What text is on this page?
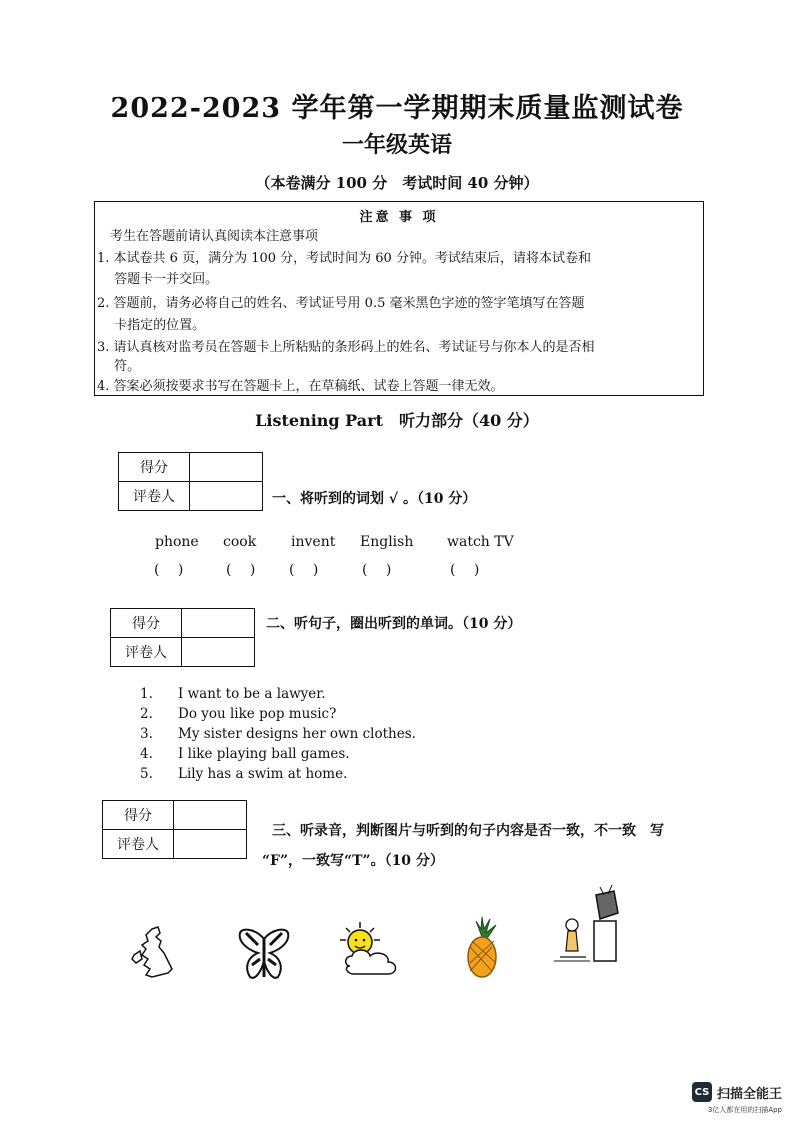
2022-2023 学年第一学期期末质量监测试卷
一年级英语
（本卷满分 100 分　考试时间 40 分钟）
注意 事 项
　考生在答题前请认真阅读本注意事项
1. 本试卷共 6 页，满分为 100 分，考试时间为 60 分钟。考试结束后，请将本试卷和
　 答题卡一并交回。
2. 答题前，请务必将自己的姓名、考试证号用 0.5 毫米黑色字迹的签字笔填写在答题
　 卡指定的位置。
3. 请认真核对监考员在答题卡上所粘贴的条形码上的姓名、考试证号与你本人的是否相
　 符。
4. 答案必须按要求书写在答题卡上，在草稿纸、试卷上答题一律无效。
Listening Part　听力部分（40 分）
得分	
评卷人		一、将听到的词划 √ 。（10 分）
phone cook invent English watch TV
(　 )	(　 ) (　 )	(　 )	(　 )
得分	
评卷人	
二、听句子，圈出听到的单词。（10 分）
1. I want to be a lawyer.
2. Do you like pop music?
3. My sister designs her own clothes.
4. I like playing ball games.
5. Lily has a swim at home.
得分	
评卷人	
三、听录音，判断图片与听到的句子内容是否一致，不一致　写
“F”，一致写“T”。（10 分）
CS 扫描全能王
3亿人都在用的扫描App
